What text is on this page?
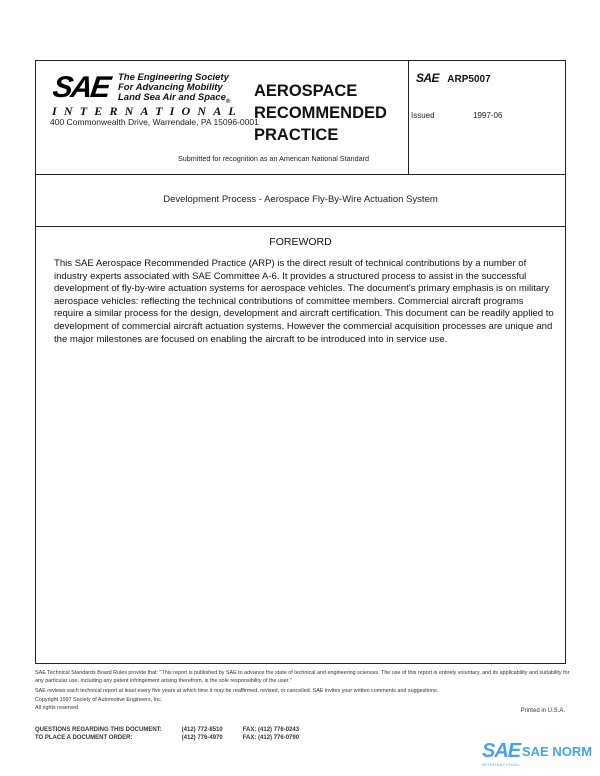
SAE The Engineering Society
For Advancing Mobility
Land Sea Air and Space$_®$
INTERNATIONAL
400 Commonwealth Drive, Warrendale, PA 15096-0001
AEROSPACE
RECOMMENDED
PRACTICE
Submitted for recognition as an American National Standard
SAE ARP5007
Issued	1997-06
Development Process - Aerospace Fly-By-Wire Actuation System
FOREWORD
This SAE Aerospace Recommended Practice (ARP) is the direct result of technical contributions by a number of industry experts associated with SAE Committee A-6. It provides a structured process to assist in the successful development of fly-by-wire actuation systems for aerospace vehicles. The document's primary emphasis is on military aerospace vehicles: reflecting the technical contributions of committee members. Commercial aircraft programs require a similar process for the design, development and aircraft certification. This document can be readily applied to development of commercial aircraft actuation systems. However the commercial acquisition processes are unique and the major milestones are focused on enabling the aircraft to be introduced into in service use.
SAE Technical Standards Board Rules provide that: "This report is published by SAE to advance the state of technical and engineering sciences. The use of this report is entirely voluntary, and its applicability and suitability for any particular use, including any patent infringement arising therefrom, is the sole responsibility of the user."
SAE reviews each technical report at least every five years at which time it may be reaffirmed, revised, or cancelled. SAE invites your written comments and suggestions.
Copyright 1997 Society of Automotive Engineers, Inc.
All rights reserved.	Printed in U.S.A.
QUESTIONS REGARDING THIS DOCUMENT:	(412) 772-8510	FAX: (412) 776-0243
TO PLACE A DOCUMENT ORDER:	(412) 776-4970	FAX: (412) 776-0790
SAE SAE NORM
INTERNATIONAL
